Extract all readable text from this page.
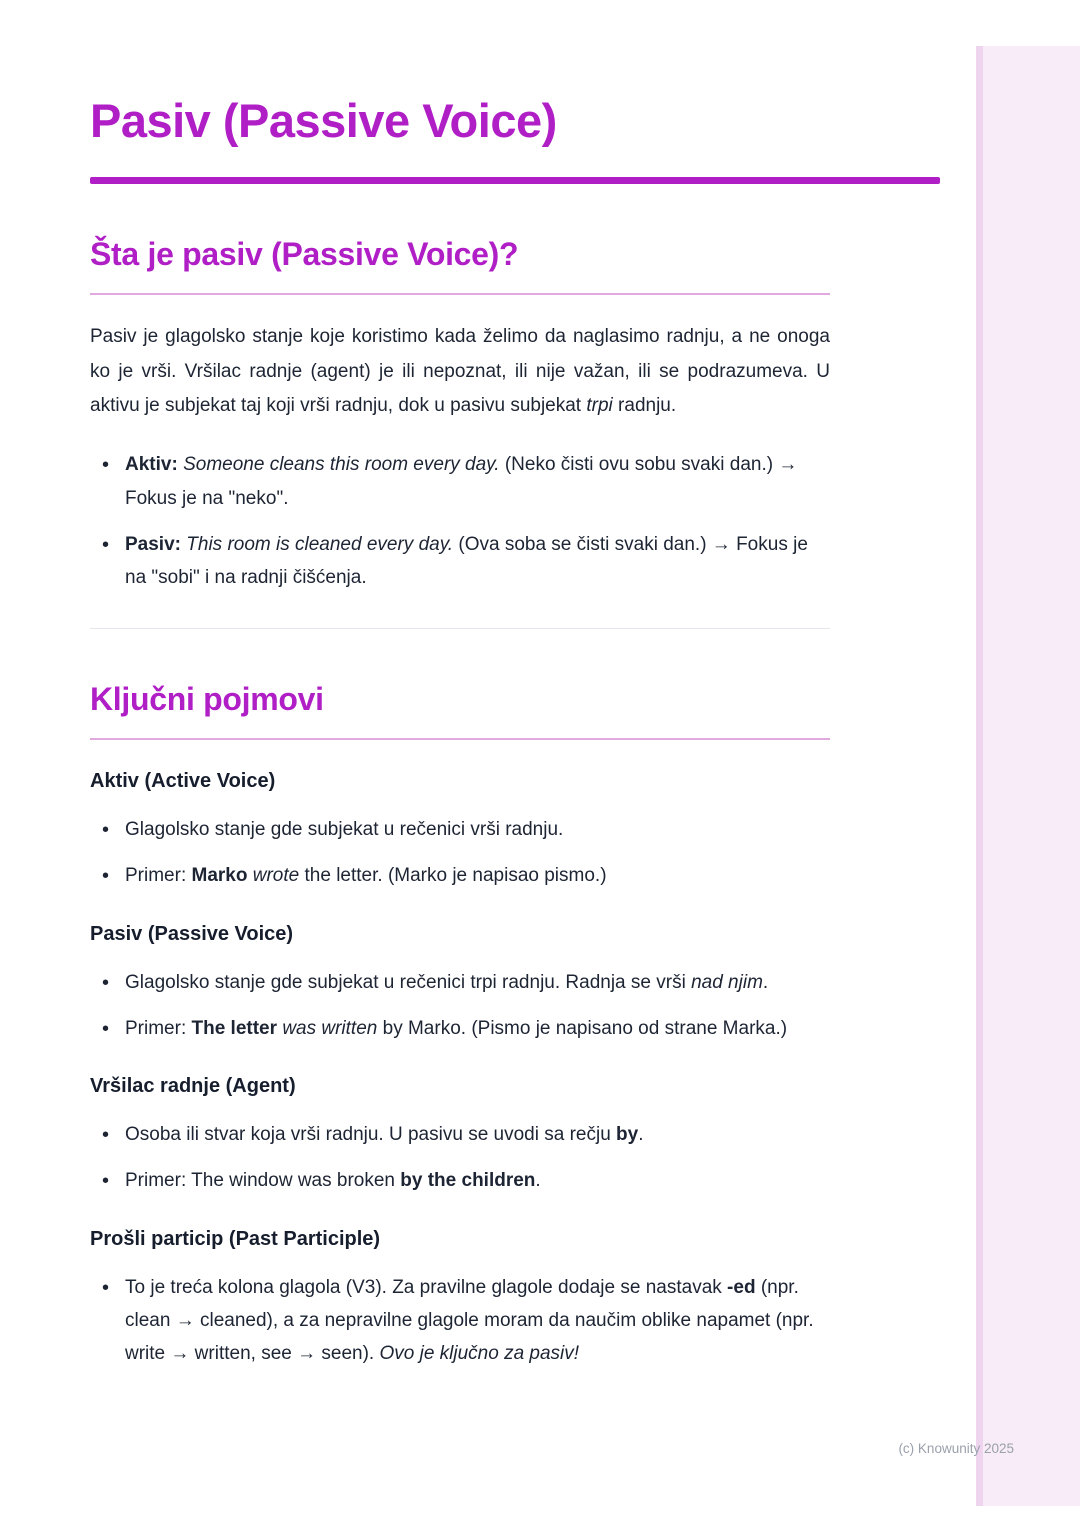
Pasiv (Passive Voice)
Šta je pasiv (Passive Voice)?

Pasiv je glagolsko stanje koje koristimo kada želimo da naglasimo radnju, a ne onoga ko je vrši. Vršilac radnje (agent) je ili nepoznat, ili nije važan, ili se podrazumeva. U aktivu je subjekat taj koji vrši radnju, dok u pasivu subjekat trpi radnju.

• Aktiv: Someone cleans this room every day. (Neko čisti ovu sobu svaki dan.) → Fokus je na "neko".
• Pasiv: This room is cleaned every day. (Ova soba se čisti svaki dan.) → Fokus je na "sobi" i na radnji čišćenja.
Ključni pojmovi
Aktiv (Active Voice)
• Glagolsko stanje gde subjekat u rečenici vrši radnju.
• Primer: Marko wrote the letter. (Marko je napisao pismo.)
Pasiv (Passive Voice)
• Glagolsko stanje gde subjekat u rečenici trpi radnju. Radnja se vrši nad njim.
• Primer: The letter was written by Marko. (Pismo je napisano od strane Marka.)
Vršilac radnje (Agent)
• Osoba ili stvar koja vrši radnju. U pasivu se uvodi sa rečju by.
• Primer: The window was broken by the children.
Prošli particip (Past Participle)
• To je treća kolona glagola (V3). Za pravilne glagole dodaje se nastavak -ed (npr. clean → cleaned), a za nepravilne glagole moram da naučim oblike napamet (npr. write → written, see → seen). Ovo je ključno za pasiv!
(c) Knowunity 2025
